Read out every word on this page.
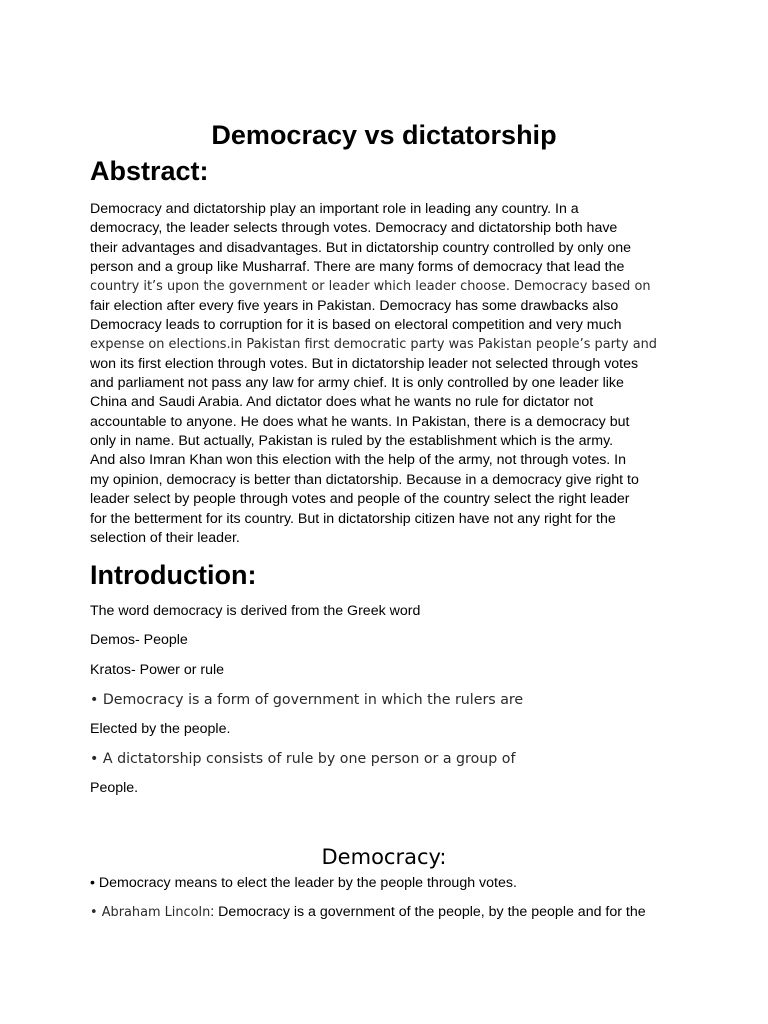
Democracy vs dictatorship
Abstract:
Democracy and dictatorship play an important role in leading any country. In a
democracy, the leader selects through votes. Democracy and dictatorship both have
their advantages and disadvantages. But in dictatorship country controlled by only one
person and a group like Musharraf. There are many forms of democracy that lead the
country it’s upon the government or leader which leader choose. Democracy based on
fair election after every five years in Pakistan. Democracy has some drawbacks also
Democracy leads to corruption for it is based on electoral competition and very much
expense on elections.in Pakistan first democratic party was Pakistan people’s party and
won its first election through votes. But in dictatorship leader not selected through votes
and parliament not pass any law for army chief. It is only controlled by one leader like
China and Saudi Arabia. And dictator does what he wants no rule for dictator not
accountable to anyone. He does what he wants. In Pakistan, there is a democracy but
only in name. But actually, Pakistan is ruled by the establishment which is the army.
And also Imran Khan won this election with the help of the army, not through votes. In
my opinion, democracy is better than dictatorship. Because in a democracy give right to
leader select by people through votes and people of the country select the right leader
for the betterment for its country. But in dictatorship citizen have not any right for the
selection of their leader.
Introduction:

The word democracy is derived from the Greek word

Demos- People

Kratos- Power or rule

• Democracy is a form of government in which the rulers are

Elected by the people.

• A dictatorship consists of rule by one person or a group of

People.

Democracy:

• Democracy means to elect the leader by the people through votes.

• Abraham Lincoln: Democracy is a government of the people, by the people and for the
